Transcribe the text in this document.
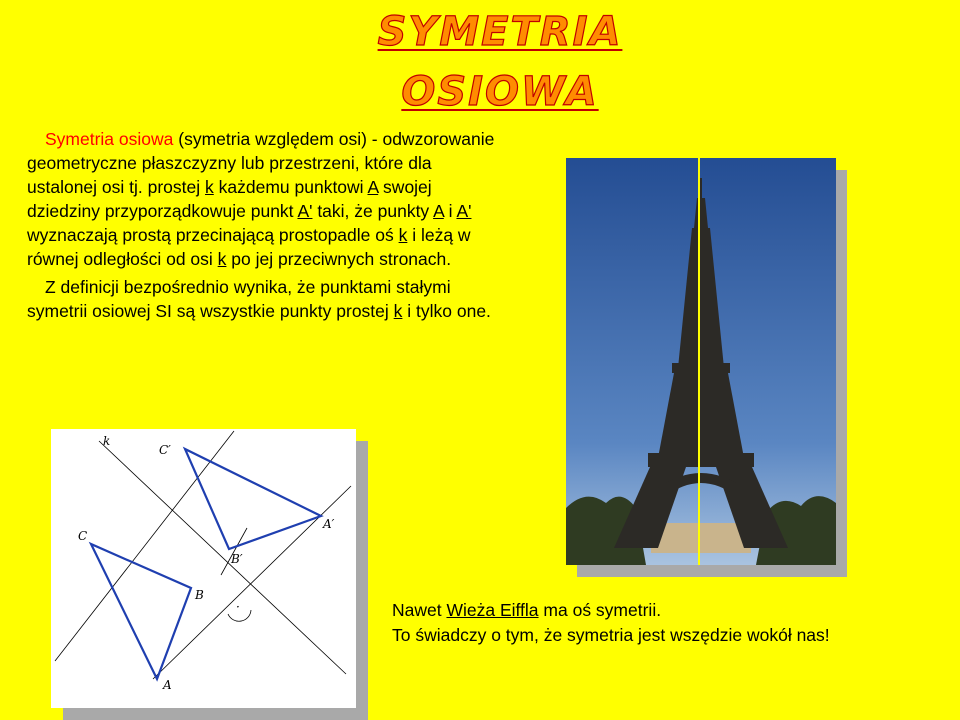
SYMETRIA
OSIOWA

Symetria osiowa (symetria względem osi) - odwzorowanie geometryczne płaszczyzny lub przestrzeni, które dla ustalonej osi tj. prostej k każdemu punktowi A swojej dziedziny przyporządkowuje punkt A' taki, że punkty A i A' wyznaczają prostą przecinającą prostopadle oś k i leżą w równej odległości od osi k po jej przeciwnych stronach.

Z definicji bezpośrednio wynika, że punktami stałymi symetrii osiowej SI są wszystkie punkty prostej k i tylko one.

k
C′
C
A′
B′
B
A
·	Nawet Wieża Eiffla ma oś symetrii.
To świadczy o tym, że symetria jest wszędzie wokół nas!
